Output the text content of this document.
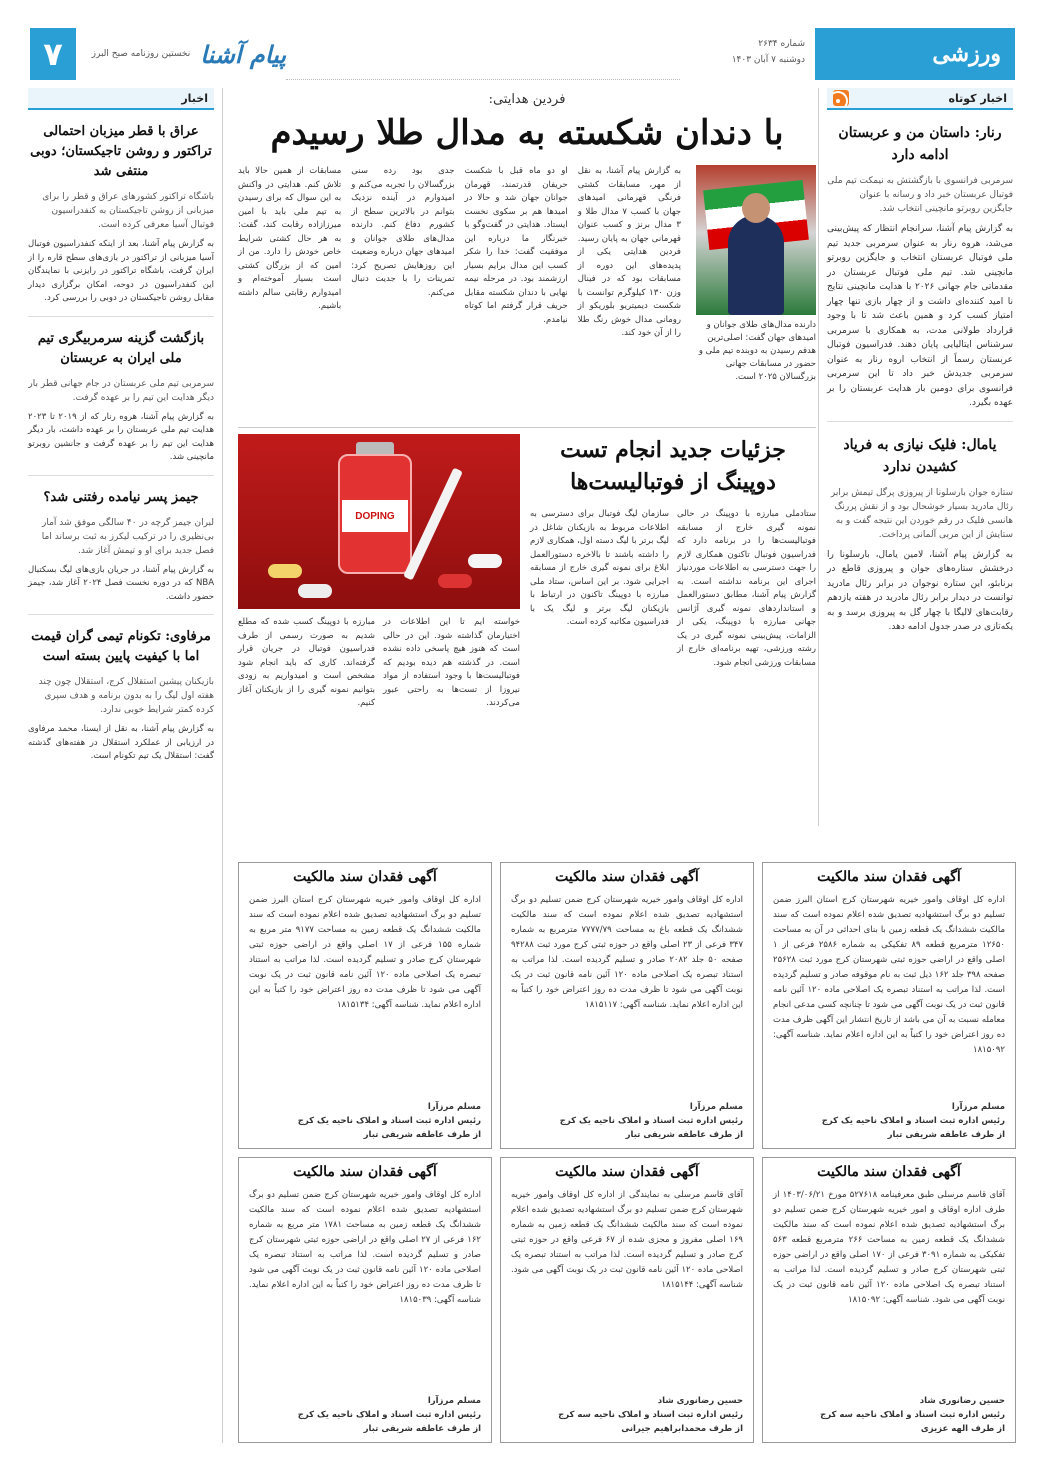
ورزشی
شماره ۲۶۳۴
دوشنبه ۷ آبان ۱۴۰۳
پیام آشنا
نخستین روزنامه صبح البرز
۷
اخبار کوتاه
رنار: داستان من و عربستان ادامه دارد
سرمربی فرانسوی با بازگشتش به نیمکت تیم ملی فوتبال عربستان خبر داد و رسانه با عنوان جایگزین روبرتو مانچینی انتخاب شد.
به گزارش پیام آشنا، سرانجام انتظار که پیش‌بینی می‌شد، هروه رنار به عنوان سرمربی جدید تیم ملی فوتبال عربستان انتخاب و جایگزین روبرتو مانچینی شد. تیم ملی فوتبال عربستان در مقدماتی جام جهانی ۲۰۲۶ با هدایت مانچینی نتایج نا امید کننده‌ای داشت و از چهار بازی تنها چهار امتیاز کسب کرد و همین باعث شد تا با وجود قرارداد طولانی مدت، به همکاری با سرمربی سرشناس ایتالیایی پایان دهند. فدراسیون فوتبال عربستان رسماً از انتخاب اروه رنار به عنوان سرمربی جدیدش خبر داد تا این سرمربی فرانسوی برای دومین بار هدایت عربستان را بر عهده بگیرد.
یامال: فلیک نیازی به فریاد کشیدن ندارد
ستاره جوان بارسلونا از پیروزی پرگل تیمش برابر رئال مادرید بسیار خوشحال بود و از نقش پررنگ هانسی فلیک در رقم خوردن این نتیجه گفت و به ستایش از این مربی آلمانی پرداخت.
به گزارش پیام آشنا، لامین یامال، بارسلونا را درخشش ستاره‌های جوان و پیروزی قاطع در برنابئو، این ستاره نوجوان در برابر رئال مادرید توانست در دیدار برابر رئال مادرید در هفته یازدهم رقابت‌های لالیگا با چهار گل به پیروزی برسد و به یکه‌تازی در صدر جدول ادامه دهد.
اخبار
عراق با قطر میزبان احتمالی تراکتور و روشن تاجیکستان؛ دوبی منتفی شد
باشگاه تراکتور کشورهای عراق و قطر را برای میزبانی از روشن تاجیکستان به کنفدراسیون فوتبال آسیا معرفی کرده است.
به گزارش پیام آشنا، بعد از اینکه کنفدراسیون فوتبال آسیا میزبانی از تراکتور در بازی‌های سطح قاره را از ایران گرفت، باشگاه تراکتور در رایزنی با نمایندگان این کنفدراسیون در دوحه، امکان برگزاری دیدار مقابل روشن تاجیکستان در دوبی را بررسی کرد.
بازگشت گزینه سرمربیگری تیم ملی ایران به عربستان
سرمربی تیم ملی عربستان در جام جهانی قطر بار دیگر هدایت این تیم را بر عهده گرفت.
به گزارش پیام آشنا، هروه رنار که از ۲۰۱۹ تا ۲۰۲۳ هدایت تیم ملی عربستان را بر عهده داشت، بار دیگر هدایت این تیم را بر عهده گرفت و جانشین روبرتو مانچینی شد.
جیمز پسر نیامده رفتنی شد؟
لبران جیمز گرچه در ۴۰ سالگی موفق شد آمار بی‌نظیری را در ترکیب لیکرز به ثبت برساند اما فصل جدید برای او و تیمش آغاز شد.
به گزارش پیام آشنا، در جریان بازی‌های لیگ بسکتبال NBA که در دوره نخست فصل ۲۰۲۴ آغاز شد، جیمز حضور داشت.
مرفاوی: تکونام تیمی گران قیمت اما با کیفیت پایین بسته است
بازیکنان پیشین استقلال کرج، استقلال چون چند هفته اول لیگ را به بدون برنامه و هدف سپری کرده کمتر شرایط خوبی ندارد.
به گزارش پیام آشنا، به نقل از ایسنا، محمد مرفاوی در ارزیابی از عملکرد استقلال در هفته‌های گذشته گفت: استقلال یک تیم تکونام است.
فردین هدایتی:
با دندان شکسته به مدال طلا رسیدم
دارنده مدال‌های طلای جوانان و امیدهای جهان گفت: اصلی‌ترین هدفم رسیدن به دوبنده تیم ملی و حضور در مسابقات جهانی بزرگسالان ۲۰۲۵ است.
به گزارش پیام آشنا، به نقل از مهر، مسابقات کشتی فرنگی قهرمانی امیدهای جهان با کسب ۷ مدال طلا و ۳ مدال برنز و کسب عنوان قهرمانی جهان به پایان رسید. فردین هدایتی یکی از پدیده‌های این دوره از مسابقات بود که در فینال وزن ۱۳۰ کیلوگرم توانست با شکست دیمیتریو بلوریکو از رومانی مدال خوش رنگ طلا را از آن خود کند.
او دو ماه قبل با شکست حریفان قدرتمند، قهرمان جوانان جهان شد و حالا در امیدها هم بر سکوی نخست ایستاد. هدایتی در گفت‌وگو با خبرنگار ما درباره این موفقیت گفت: خدا را شکر کسب این مدال برایم بسیار ارزشمند بود. در مرحله نیمه نهایی با دندان شکسته مقابل حریف قرار گرفتم اما کوتاه نیامدم.
جدی بود رده سنی بزرگسالان را تجربه می‌کنم و امیدوارم در آینده نزدیک بتوانم در بالاترین سطح از کشورم دفاع کنم. دارنده مدال‌های طلای جوانان و امیدهای جهان درباره وضعیت این روزهایش تصریح کرد: تمرینات را با جدیت دنبال می‌کنم.
مسابقات از همین حالا باید تلاش کنم. هدایتی در واکنش به این سوال که برای رسیدن به تیم ملی باید با امین میرزازاده رقابت کند، گفت: به هر حال کشتی شرایط خاص خودش را دارد. من از امین که از بزرگان کشتی است بسیار آموخته‌ام و امیدوارم رقابتی سالم داشته باشیم.
DOPING
جزئیات جدید انجام تست
دوپینگ از فوتبالیست‌ها
ستادملی مبارزه با دوپینگ در حالی نمونه گیری خارج از مسابقه فوتبالیست‌ها را در برنامه دارد که فدراسیون فوتبال تاکنون همکاری لازم را جهت دسترسی به اطلاعات موردنیاز اجرای این برنامه نداشته است. به گزارش پیام آشنا، مطابق دستورالعمل و استانداردهای نمونه گیری آژانس جهانی مبارزه با دوپینگ، یکی از الزامات، پیش‌بینی نمونه گیری در یک رشته ورزشی، تهیه برنامه‌ای خارج از مسابقات ورزشی انجام شود.
سازمان لیگ فوتبال برای دسترسی به اطلاعات مربوط به بازیکنان شاغل در لیگ برتر با لیگ دسته اول، همکاری لازم را داشته باشند تا بالاخره دستورالعمل ابلاغ برای نمونه گیری خارج از مسابقه اجرایی شود. بر این اساس، ستاد ملی مبارزه با دوپینگ تاکنون در ارتباط با بازیکنان لیگ برتر و لیگ یک با فدراسیون مکاتبه کرده است.
خواسته ایم تا این اطلاعات در اختیارمان گذاشته شود. این در حالی است که هنوز هیچ پاسخی داده نشده است. در گذشته هم دیده بودیم که فوتبالیست‌ها با وجود استفاده از مواد نیروزا از تست‌ها به راحتی عبور می‌کردند.
مبارزه با دوپینگ کسب شده که مطلع شدیم به صورت رسمی از طرف فدراسیون فوتبال در جریان قرار گرفته‌اند. کاری که باید انجام شود مشخص است و امیدواریم به زودی بتوانیم نمونه گیری را از بازیکنان آغاز کنیم.
آگهی فقدان سند مالکیت
اداره کل اوقاف وامور خیریه شهرستان کرج استان البرز ضمن تسلیم دو برگ استشهادیه تصدیق شده اعلام نموده است که سند مالکیت ششدانگ یک قطعه زمین با بنای احداثی در آن به مساحت ۱۲۶۵۰ مترمربع قطعه ۸۹ تفکیکی به شماره ۲۵۸۶ فرعی از ۱ اصلی واقع در اراضی حوزه ثبتی شهرستان کرج مورد ثبت ۲۵۶۲۸ صفحه ۳۹۸ جلد ۱۶۲ ذیل ثبت به نام موقوفه صادر و تسلیم گردیده است. لذا مراتب به استناد تبصره یک اصلاحی ماده ۱۲۰ آئین نامه قانون ثبت در یک نوبت آگهی می شود تا چنانچه کسی مدعی انجام معامله نسبت به آن می باشد از تاریخ انتشار این آگهی ظرف مدت ده روز اعتراض خود را کتباً به این اداره اعلام نماید. شناسه آگهی: ۱۸۱۵۰۹۲
مسلم مرزآرا
رئیس اداره ثبت اسناد و املاک ناحیه یک کرج
از طرف عاطفه شریفی تبار
آگهی فقدان سند مالکیت
اداره کل اوقاف وامور خیریه شهرستان کرج ضمن تسلیم دو برگ استشهادیه تصدیق شده اعلام نموده است که سند مالکیت ششدانگ یک قطعه باغ به مساحت ۷۷۷۷/۷۹ مترمربع به شماره ۳۴۷ فرعی از ۲۳ اصلی واقع در حوزه ثبتی کرج مورد ثبت ۹۴۲۸۸ صفحه ۵۰ جلد ۲۰۸۲ صادر و تسلیم گردیده است. لذا مراتب به استناد تبصره یک اصلاحی ماده ۱۲۰ آئین نامه قانون ثبت در یک نوبت آگهی می شود تا ظرف مدت ده روز اعتراض خود را کتباً به این اداره اعلام نماید. شناسه آگهی: ۱۸۱۵۱۱۷
مسلم مرزآرا
رئیس اداره ثبت اسناد و املاک ناحیه یک کرج
از طرف عاطفه شریفی تبار
آگهی فقدان سند مالکیت
اداره کل اوقاف وامور خیریه شهرستان کرج استان البرز ضمن تسلیم دو برگ استشهادیه تصدیق شده اعلام نموده است که سند مالکیت ششدانگ یک قطعه زمین به مساحت ۹۱۷۷ متر مربع به شماره ۱۵۵ فرعی از ۱۷ اصلی واقع در اراضی حوزه ثبتی شهرستان کرج صادر و تسلیم گردیده است. لذا مراتب به استناد تبصره یک اصلاحی ماده ۱۲۰ آئین نامه قانون ثبت در یک نوبت آگهی می شود تا ظرف مدت ده روز اعتراض خود را کتباً به این اداره اعلام نماید. شناسه آگهی: ۱۸۱۵۱۳۴
مسلم مرزآرا
رئیس اداره ثبت اسناد و املاک ناحیه یک کرج
از طرف عاطفه شریفی تبار
آگهی فقدان سند مالکیت
آقای قاسم مرسلی طبق معرفینامه ۵۲۷۶۱۸ مورخ ۱۴۰۳/۰۶/۲۱ از طرف اداره اوقاف و امور خیریه شهرستان کرج ضمن تسلیم دو برگ استشهادیه تصدیق شده اعلام نموده است که سند مالکیت ششدانگ یک قطعه زمین به مساحت ۲۶۶ مترمربع قطعه ۵۶۳ تفکیکی به شماره ۳۰۹۱ فرعی از ۱۷۰ اصلی واقع در اراضی حوزه ثبتی شهرستان کرج صادر و تسلیم گردیده است. لذا مراتب به استناد تبصره یک اصلاحی ماده ۱۲۰ آئین نامه قانون ثبت در یک نوبت آگهی می شود. شناسه آگهی: ۱۸۱۵۰۹۲
حسین رضانوری شاد
رئیس اداره ثبت اسناد و املاک ناحیه سه کرج
از طرف الهه عزیزی
آگهی فقدان سند مالکیت
آقای قاسم مرسلی به نمایندگی از اداره کل اوقاف وامور خیریه شهرستان کرج ضمن تسلیم دو برگ استشهادیه تصدیق شده اعلام نموده است که سند مالکیت ششدانگ یک قطعه زمین به شماره ۱۶۹ اصلی مفروز و مجزی شده از ۶۷ فرعی واقع در حوزه ثبتی کرج صادر و تسلیم گردیده است. لذا مراتب به استناد تبصره یک اصلاحی ماده ۱۲۰ آئین نامه قانون ثبت در یک نوبت آگهی می شود. شناسه آگهی: ۱۸۱۵۱۴۴
حسین رضانوری شاد
رئیس اداره ثبت اسناد و املاک ناحیه سه کرج
از طرف محمدابراهیم جیرانی
آگهی فقدان سند مالکیت
اداره کل اوقاف وامور خیریه شهرستان کرج ضمن تسلیم دو برگ استشهادیه تصدیق شده اعلام نموده است که سند مالکیت ششدانگ یک قطعه زمین به مساحت ۱۷۸۱ متر مربع به شماره ۱۶۲ فرعی از ۲۷ اصلی واقع در اراضی حوزه ثبتی شهرستان کرج صادر و تسلیم گردیده است. لذا مراتب به استناد تبصره یک اصلاحی ماده ۱۲۰ آئین نامه قانون ثبت در یک نوبت آگهی می شود تا ظرف مدت ده روز اعتراض خود را کتباً به این اداره اعلام نماید. شناسه آگهی: ۱۸۱۵۰۳۹
مسلم مرزآرا
رئیس اداره ثبت اسناد و املاک ناحیه یک کرج
از طرف عاطفه شریفی تبار
